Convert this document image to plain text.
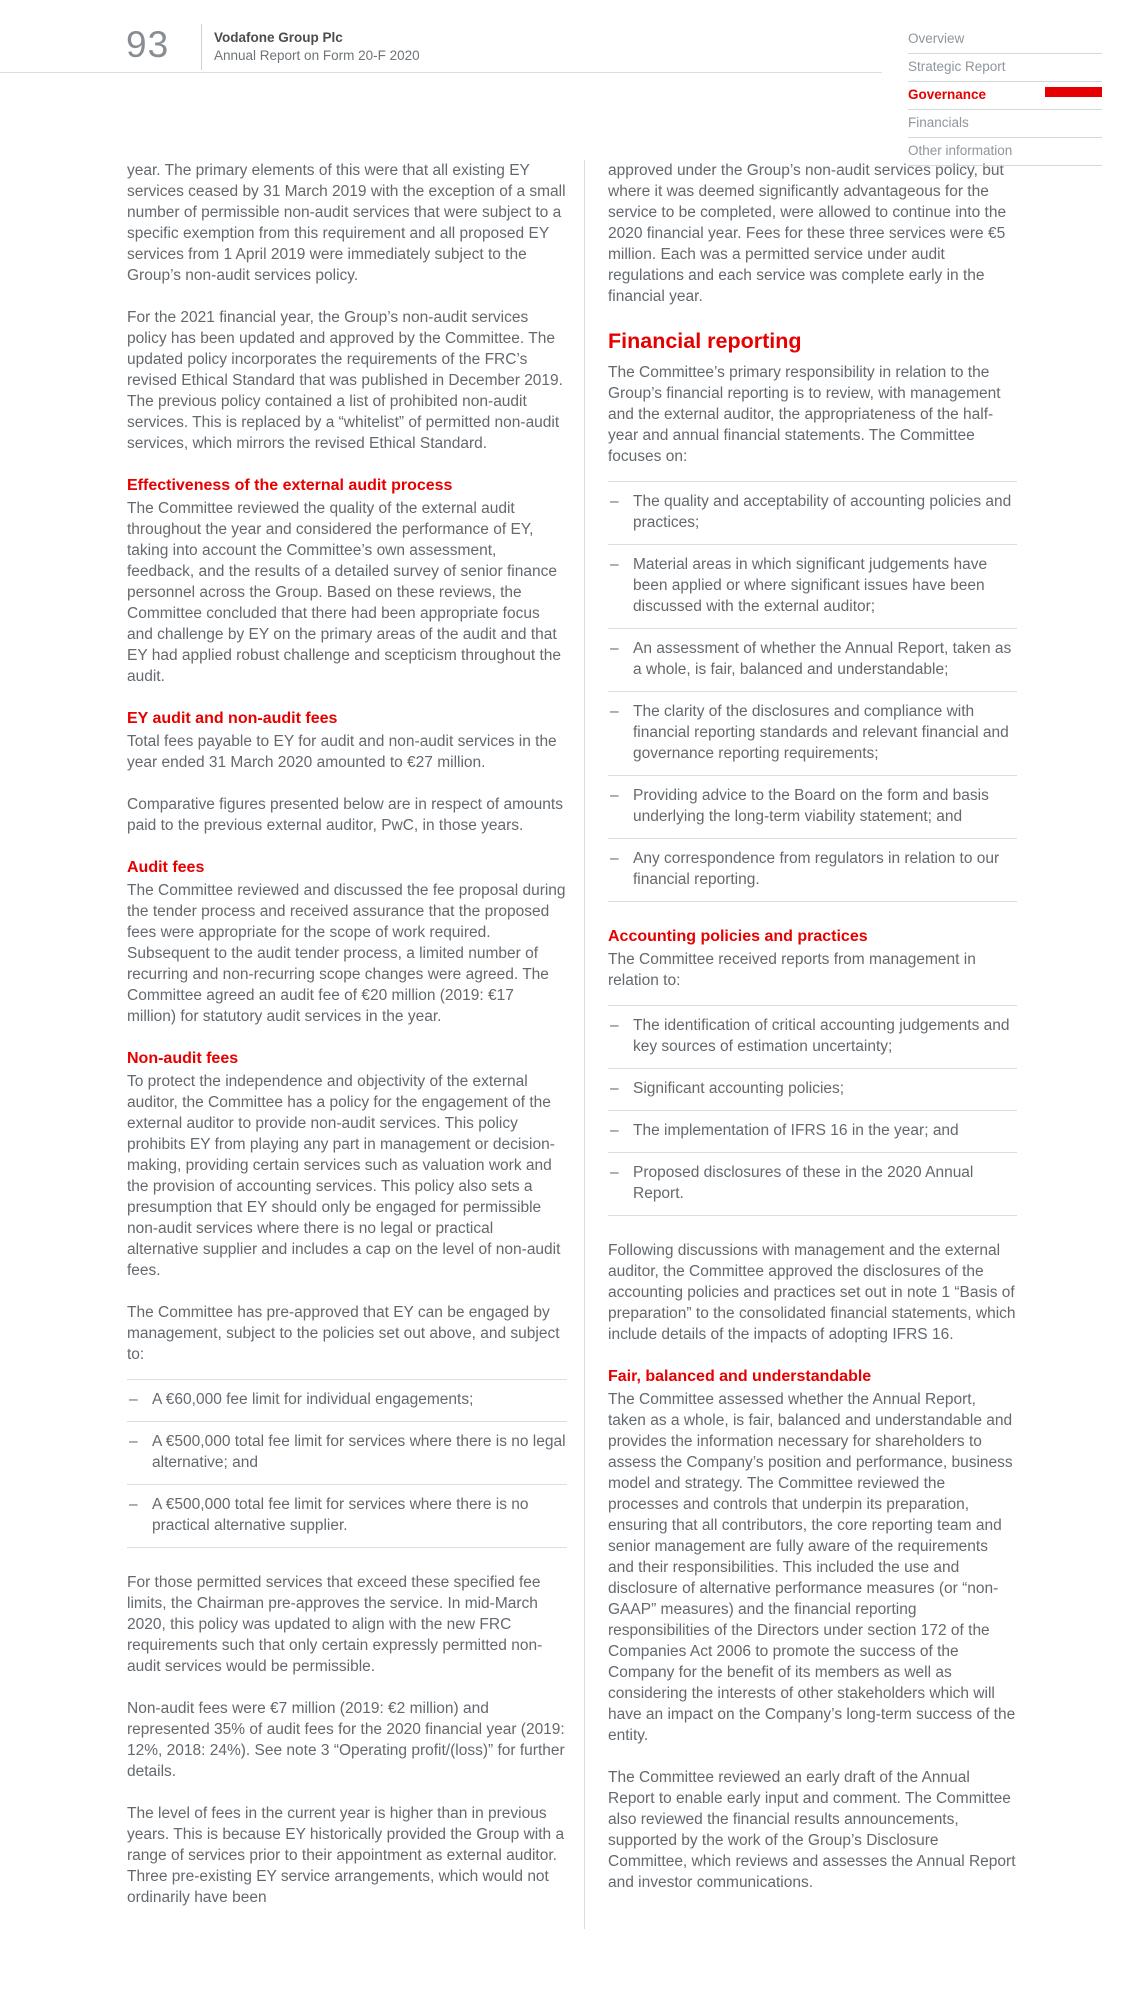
93	Vodafone Group Plc
Annual Report on Form 20-F 2020
Overview
Strategic Report
Governance
Financials
Other information

year. The primary elements of this were that all existing EY services ceased by 31 March 2019 with the exception of a small number of permissible non-audit services that were subject to a specific exemption from this requirement and all proposed EY services from 1 April 2019 were immediately subject to the Group’s non-audit services policy.

For the 2021 financial year, the Group’s non-audit services policy has been updated and approved by the Committee. The updated policy incorporates the requirements of the FRC’s revised Ethical Standard that was published in December 2019. The previous policy contained a list of prohibited non-audit services. This is replaced by a “whitelist” of permitted non-audit services, which mirrors the revised Ethical Standard.

Effectiveness of the external audit process

The Committee reviewed the quality of the external audit throughout the year and considered the performance of EY, taking into account the Committee’s own assessment, feedback, and the results of a detailed survey of senior finance personnel across the Group. Based on these reviews, the Committee concluded that there had been appropriate focus and challenge by EY on the primary areas of the audit and that EY had applied robust challenge and scepticism throughout the audit.

EY audit and non-audit fees

Total fees payable to EY for audit and non-audit services in the year ended 31 March 2020 amounted to €27 million.

Comparative figures presented below are in respect of amounts paid to the previous external auditor, PwC, in those years.

Audit fees

The Committee reviewed and discussed the fee proposal during the tender process and received assurance that the proposed fees were appropriate for the scope of work required. Subsequent to the audit tender process, a limited number of recurring and non-recurring scope changes were agreed. The Committee agreed an audit fee of €20 million (2019: €17 million) for statutory audit services in the year.

Non-audit fees

To protect the independence and objectivity of the external auditor, the Committee has a policy for the engagement of the external auditor to provide non-audit services. This policy prohibits EY from playing any part in management or decision-making, providing certain services such as valuation work and the provision of accounting services. This policy also sets a presumption that EY should only be engaged for permissible non-audit services where there is no legal or practical alternative supplier and includes a cap on the level of non-audit fees.

The Committee has pre-approved that EY can be engaged by management, subject to the policies set out above, and subject to:

– A €60,000 fee limit for individual engagements;
– A €500,000 total fee limit for services where there is no legal alternative; and
– A €500,000 total fee limit for services where there is no practical alternative supplier.

For those permitted services that exceed these specified fee limits, the Chairman pre-approves the service. In mid-March 2020, this policy was updated to align with the new FRC requirements such that only certain expressly permitted non-audit services would be permissible.

Non-audit fees were €7 million (2019: €2 million) and represented 35% of audit fees for the 2020 financial year (2019: 12%, 2018: 24%). See note 3 “Operating profit/(loss)” for further details.

The level of fees in the current year is higher than in previous years. This is because EY historically provided the Group with a range of services prior to their appointment as external auditor. Three pre-existing EY service arrangements, which would not ordinarily have been

approved under the Group’s non-audit services policy, but where it was deemed significantly advantageous for the service to be completed, were allowed to continue into the 2020 financial year. Fees for these three services were €5 million. Each was a permitted service under audit regulations and each service was complete early in the financial year.

Financial reporting

The Committee’s primary responsibility in relation to the Group’s financial reporting is to review, with management and the external auditor, the appropriateness of the half-year and annual financial statements. The Committee focuses on:

– The quality and acceptability of accounting policies and practices;
– Material areas in which significant judgements have been applied or where significant issues have been discussed with the external auditor;
– An assessment of whether the Annual Report, taken as a whole, is fair, balanced and understandable;
– The clarity of the disclosures and compliance with financial reporting standards and relevant financial and governance reporting requirements;
– Providing advice to the Board on the form and basis underlying the long-term viability statement; and
– Any correspondence from regulators in relation to our financial reporting.
Accounting policies and practices

The Committee received reports from management in relation to:

– The identification of critical accounting judgements and key sources of estimation uncertainty;
– Significant accounting policies;
– The implementation of IFRS 16 in the year; and
– Proposed disclosures of these in the 2020 Annual Report.

Following discussions with management and the external auditor, the Committee approved the disclosures of the accounting policies and practices set out in note 1 “Basis of preparation” to the consolidated financial statements, which include details of the impacts of adopting IFRS 16.

Fair, balanced and understandable

The Committee assessed whether the Annual Report, taken as a whole, is fair, balanced and understandable and provides the information necessary for shareholders to assess the Company’s position and performance, business model and strategy. The Committee reviewed the processes and controls that underpin its preparation, ensuring that all contributors, the core reporting team and senior management are fully aware of the requirements and their responsibilities. This included the use and disclosure of alternative performance measures (or “non-GAAP” measures) and the financial reporting responsibilities of the Directors under section 172 of the Companies Act 2006 to promote the success of the Company for the benefit of its members as well as considering the interests of other stakeholders which will have an impact on the Company’s long-term success of the entity.

The Committee reviewed an early draft of the Annual Report to enable early input and comment. The Committee also reviewed the financial results announcements, supported by the work of the Group’s Disclosure Committee, which reviews and assesses the Annual Report and investor communications.
